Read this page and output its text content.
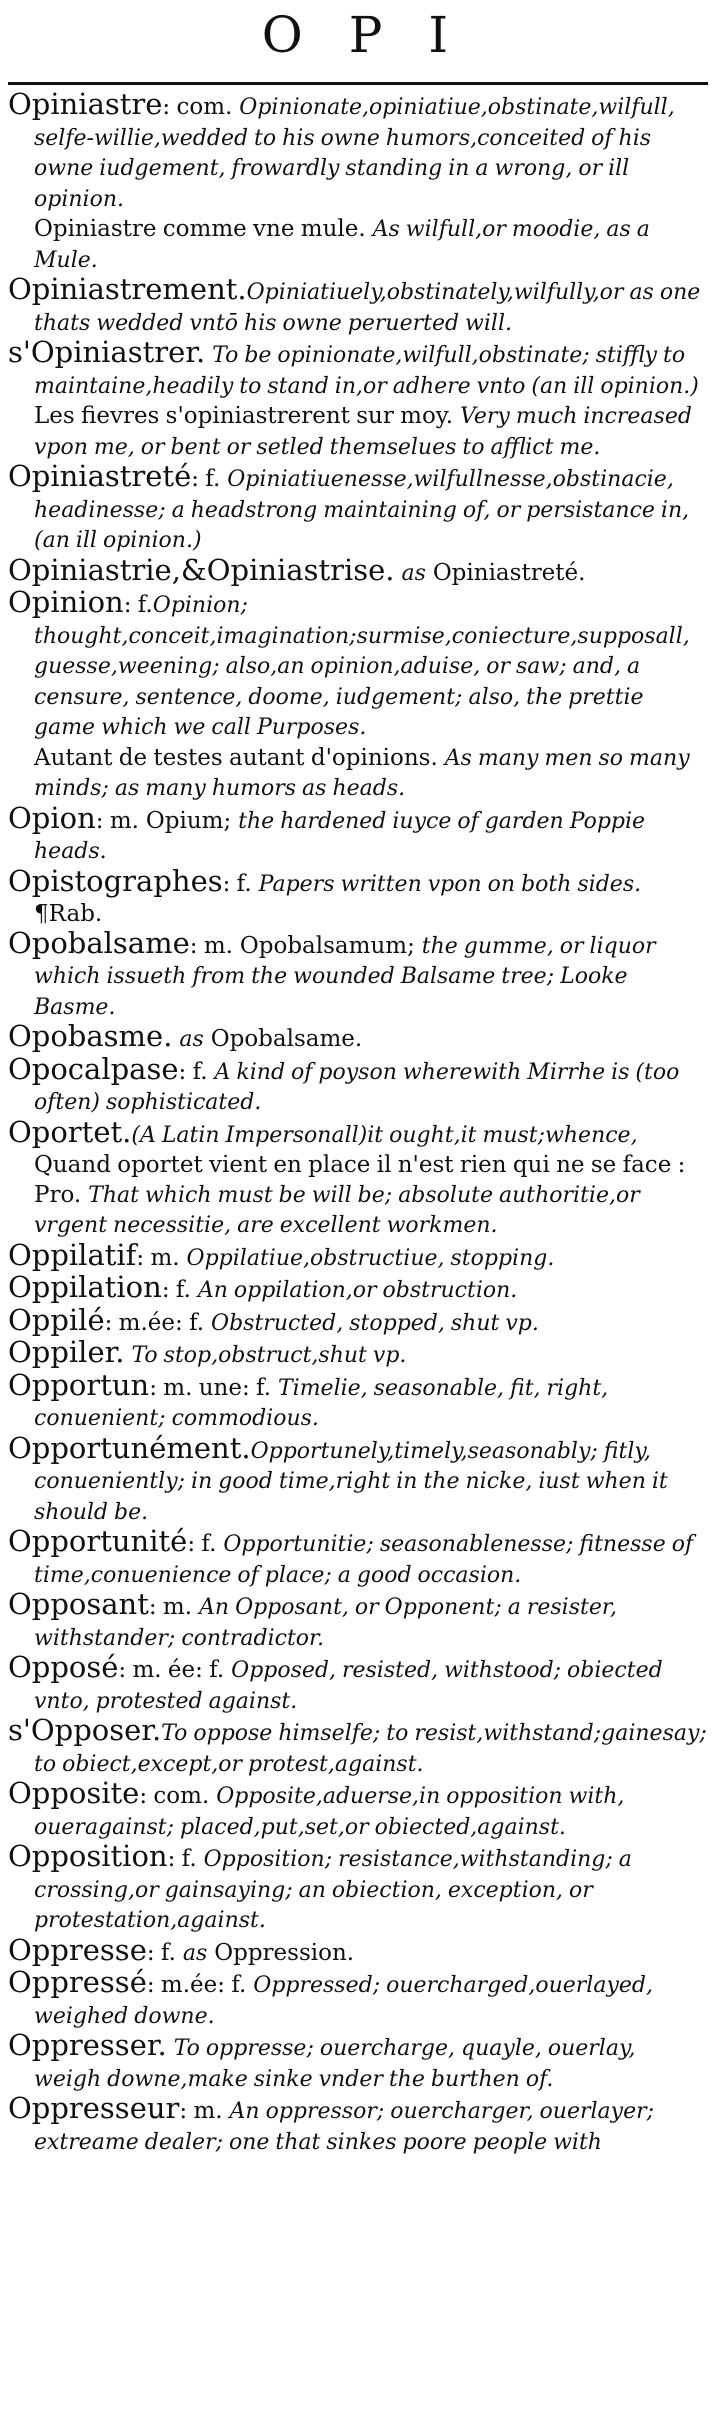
OPI

Opiniastre: com. Opinionate,opiniatiue,obstinate,wilfull, selfe-willie,wedded to his owne humors,conceited of his owne iudgement, frowardly standing in a wrong, or ill opinion.

Opiniastre comme vne mule. As wilfull,or moodie, as a Mule.

Opiniastrement.Opiniatiuely,obstinately,wilfully,or as one thats wedded vntō his owne peruerted will.

s'Opiniastrer. To be opinionate,wilfull,obstinate; stiffly to maintaine,headily to stand in,or adhere vnto (an ill opinion.)

Les fievres s'opiniastrerent sur moy. Very much increased vpon me, or bent or setled themselues to afflict me.

Opiniastreté: f. Opiniatiuenesse,wilfullnesse,obstinacie, headinesse; a headstrong maintaining of, or persistance in,(an ill opinion.)

Opiniastrie,&Opiniastrise. as Opiniastreté.

Opinion: f.Opinion; thought,conceit,imagination;surmise,coniecture,supposall, guesse,weening; also,an opinion,aduise, or saw; and, a censure, sentence, doome, iudgement; also, the prettie game which we call Purposes.

Autant de testes autant d'opinions. As many men so many minds; as many humors as heads.

Opion: m. Opium; the hardened iuyce of garden Poppie heads.

Opistographes: f. Papers written vpon on both sides. ¶Rab.

Opobalsame: m. Opobalsamum; the gumme, or liquor which issueth from the wounded Balsame tree; Looke Basme.

Opobasme. as Opobalsame.

Opocalpase: f. A kind of poyson wherewith Mirrhe is (too often) sophisticated.

Oportet.(A Latin Impersonall)it ought,it must;whence, Quand oportet vient en place il n'est rien qui ne se face : Pro. That which must be will be; absolute authoritie,or vrgent necessitie, are excellent workmen.

Oppilatif: m. Oppilatiue,obstructiue, stopping.

Oppilation: f. An oppilation,or obstruction.

Oppilé: m.ée: f. Obstructed, stopped, shut vp.

Oppiler. To stop,obstruct,shut vp.

Opportun: m. une: f. Timelie, seasonable, fit, right, conuenient; commodious.

Opportunément.Opportunely,timely,seasonably; fitly, conueniently; in good time,right in the nicke, iust when it should be.

Opportunité: f. Opportunitie; seasonablenesse; fitnesse of time,conuenience of place; a good occasion.

Opposant: m. An Opposant, or Opponent; a resister, withstander; contradictor.

Opposé: m. ée: f. Opposed, resisted, withstood; obiected vnto, protested against.

s'Opposer.To oppose himselfe; to resist,withstand;gainesay; to obiect,except,or protest,against.

Opposite: com. Opposite,aduerse,in opposition with, oueragainst; placed,put,set,or obiected,against.

Opposition: f. Opposition; resistance,withstanding; a crossing,or gainsaying; an obiection, exception, or protestation,against.

Oppresse: f. as Oppression.

Oppressé: m.ée: f. Oppressed; ouercharged,ouerlayed, weighed downe.

Oppresser. To oppresse; ouercharge, quayle, ouerlay, weigh downe,make sinke vnder the burthen of.

Oppresseur: m. An oppressor; ouercharger, ouerlayer; extreame dealer; one that sinkes poore people with
